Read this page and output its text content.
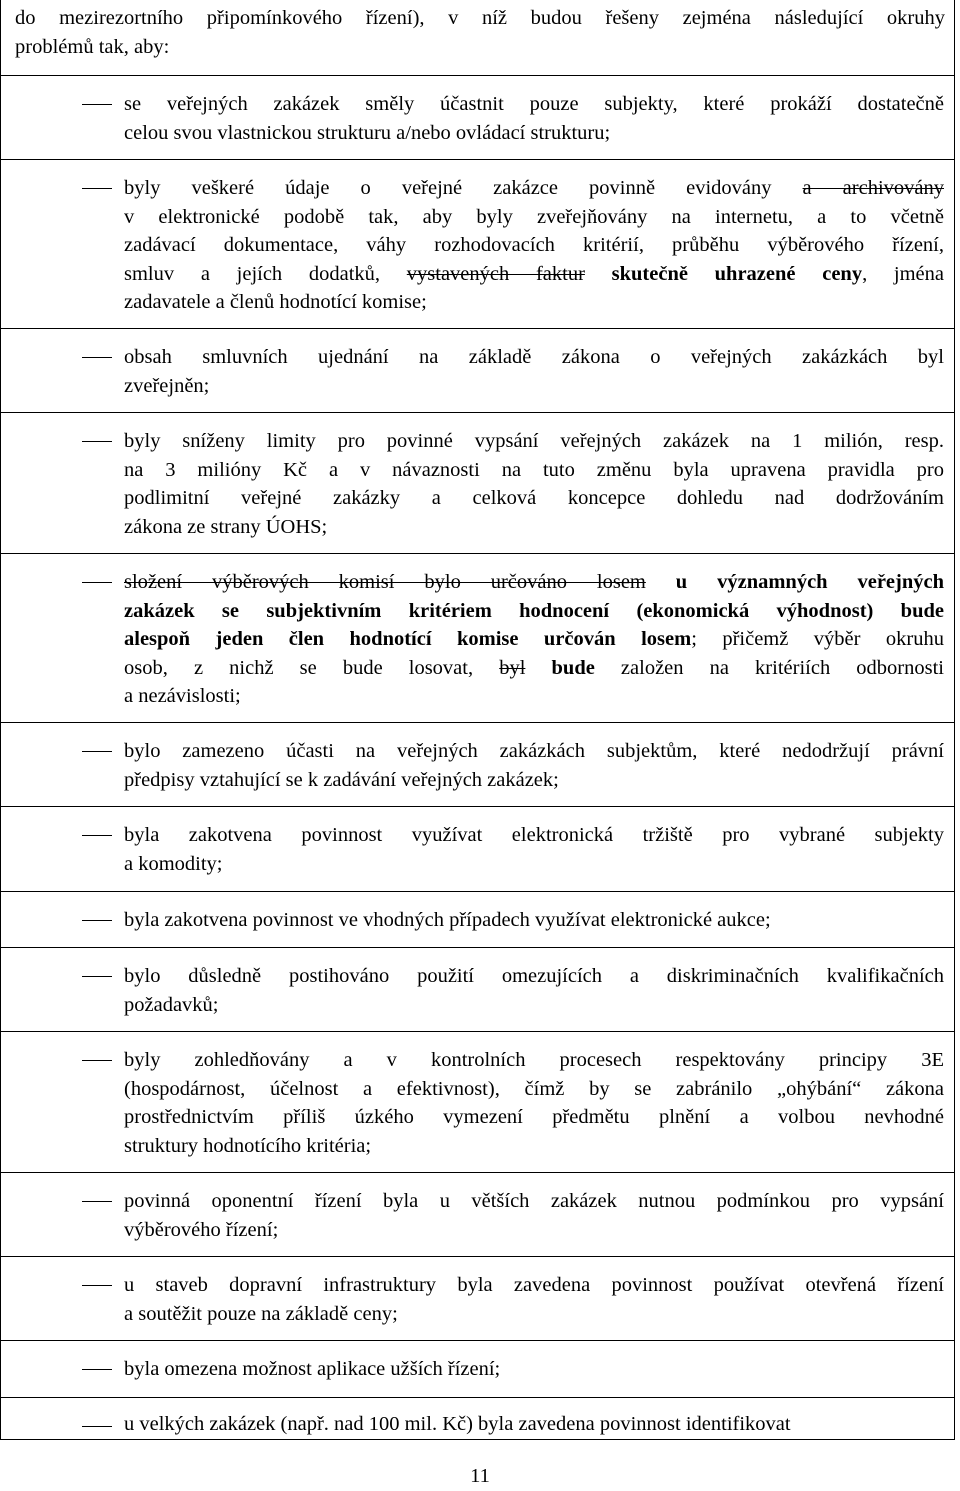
do mezirezortního připomínkového řízení), v níž budou řešeny zejména následující okruhy
problémů tak, aby:
se veřejných zakázek směly účastnit pouze subjekty, které prokáží dostatečně
celou svou vlastnickou strukturu a/nebo ovládací strukturu;
byly veškeré údaje o veřejné zakázce povinně evidovány a archivovány
v elektronické podobě tak, aby byly zveřejňovány na internetu, a to včetně
zadávací dokumentace, váhy rozhodovacích kritérií, průběhu výběrového řízení,
smluv a jejích dodatků, vystavených faktur skutečně uhrazené ceny, jména
zadavatele a členů hodnotící komise;
obsah smluvních ujednání na základě zákona o veřejných zakázkách byl
zveřejněn;
byly sníženy limity pro povinné vypsání veřejných zakázek na 1 milión, resp.
na 3 milióny Kč a v návaznosti na tuto změnu byla upravena pravidla pro
podlimitní veřejné zakázky a celková koncepce dohledu nad dodržováním
zákona ze strany ÚOHS;
složení výběrových komisí bylo určováno losem u významných veřejných
zakázek se subjektivním kritériem hodnocení (ekonomická výhodnost) bude
alespoň jeden člen hodnotící komise určován losem; přičemž výběr okruhu
osob, z nichž se bude losovat, byl bude založen na kritériích odbornosti
a nezávislosti;
bylo zamezeno účasti na veřejných zakázkách subjektům, které nedodržují právní
předpisy vztahující se k zadávání veřejných zakázek;
byla zakotvena povinnost využívat elektronická tržiště pro vybrané subjekty
a komodity;
byla zakotvena povinnost ve vhodných případech využívat elektronické aukce;
bylo důsledně postihováno použití omezujících a diskriminačních kvalifikačních
požadavků;
byly zohledňovány a v kontrolních procesech respektovány principy 3E
(hospodárnost, účelnost a efektivnost), čímž by se zabránilo „ohýbání“ zákona
prostřednictvím příliš úzkého vymezení předmětu plnění a volbou nevhodné
struktury hodnotícího kritéria;
povinná oponentní řízení byla u větších zakázek nutnou podmínkou pro vypsání
výběrového řízení;
u staveb dopravní infrastruktury byla zavedena povinnost používat otevřená řízení
a soutěžit pouze na základě ceny;
byla omezena možnost aplikace užších řízení;
u velkých zakázek (např. nad 100 mil. Kč) byla zavedena povinnost identifikovat
11
